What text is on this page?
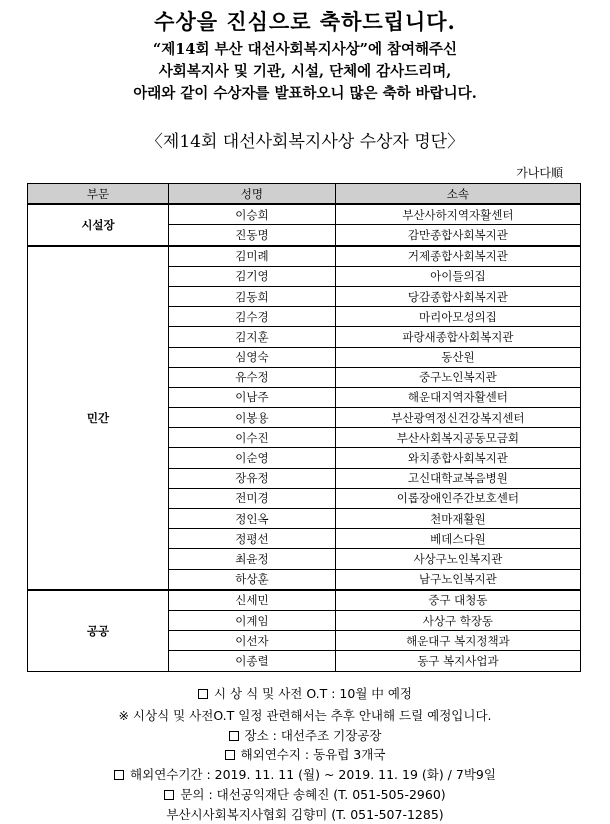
수상을 진심으로 축하드립니다.
“제14회 부산 대선사회복지사상”에 참여해주신
사회복지사 및 기관, 시설, 단체에 감사드리며,
아래와 같이 수상자를 발표하오니 많은 축하 바랍니다.
〈제14회 대선사회복지사상 수상자 명단〉
가나다順
부문	성명	소속
시설장	이승희	부산사하지역자활센터
	진동명	감만종합사회복지관
민간	김미례	거제종합사회복지관
	김기영	아이들의집
	김동희	당감종합사회복지관
	김수경	마리아모성의집
	김지훈	파랑새종합사회복지관
	심영숙	동산원
	유수정	중구노인복지관
	이남주	해운대지역자활센터
	이봉용	부산광역정신건강복지센터
	이수진	부산사회복지공동모금회
	이순영	와치종합사회복지관
	장유정	고신대학교복음병원
	전미경	이롭장애인주간보호센터
	정인옥	천마재활원
	정평선	베데스다원
	최윤정	사상구노인복지관
	하상훈	남구노인복지관
공공	신세민	중구 대청동
	이계임	사상구 학장동
	이선자	해운대구 복지정책과
	이종렬	동구 복지사업과
시 상 식 및 사전 O.T : 10월 中 예정
※ 시상식 및 사전O.T 일정 관련해서는 추후 안내해 드릴 예정입니다.
장소 : 대선주조 기장공장
해외연수지 : 동유럽 3개국
해외연수기간 : 2019. 11. 11 (월) ~ 2019. 11. 19 (화) / 7박9일
문의 : 대선공익재단 송혜진 (T. 051-505-2960)
부산시사회복지사협회 김향미 (T. 051-507-1285)
